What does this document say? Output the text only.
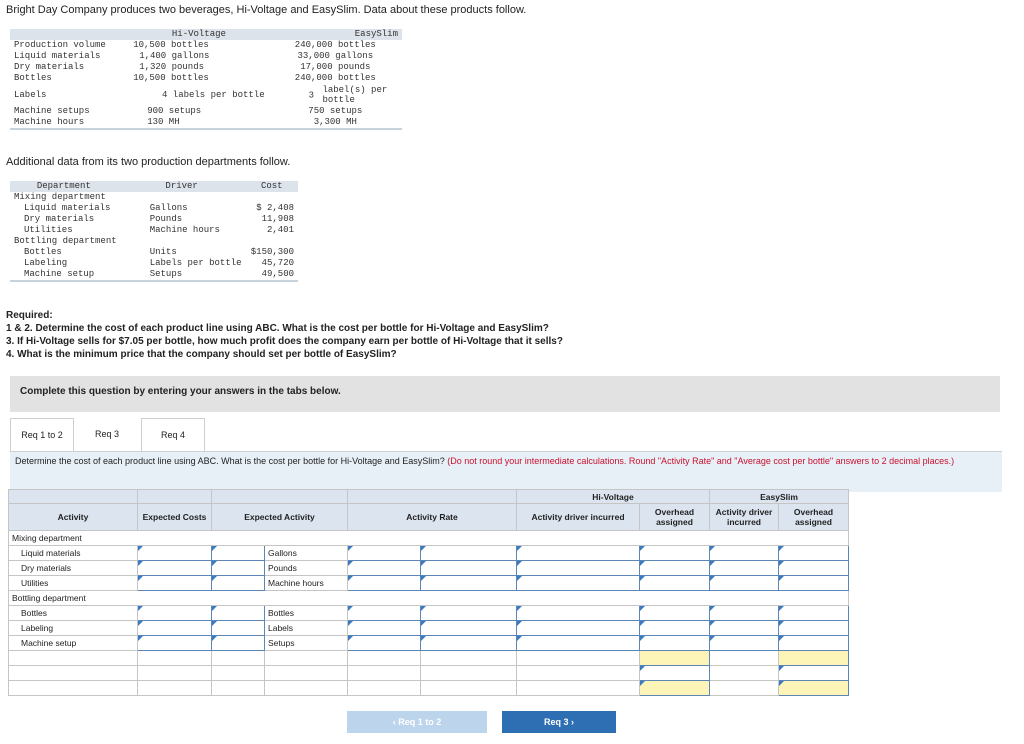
Bright Day Company produces two beverages, Hi-Voltage and EasySlim. Data about these products follow.
	Hi-Voltage	EasySlim
Production volume	10,500 bottles	240,000 bottles
Liquid materials	1,400 gallons	33,000 gallons
Dry materials	1,320 pounds	17,000 pounds
Bottles	10,500 bottles	240,000 bottles
Labels	4 labels per bottle	3
label(s) per
bottle

Machine setups	900 setups	750 setups
Machine hours	130 MH	3,300 MH
Additional data from its two production departments follow.
Department	Driver	Cost
Mixing department		
Liquid materials	Gallons	$ 2,408
Dry materials	Pounds	11,908
Utilities	Machine hours	2,401
Bottling department		
Bottles	Units	$150,300
Labeling	Labels per bottle	45,720
Machine setup	Setups	49,500
Required:
1 & 2. Determine the cost of each product line using ABC. What is the cost per bottle for Hi-Voltage and EasySlim?
3. If Hi-Voltage sells for $7.05 per bottle, how much profit does the company earn per bottle of Hi-Voltage that it sells?
4. What is the minimum price that the company should set per bottle of EasySlim?
Complete this question by entering your answers in the tabs below.
Req 1 to 2	Req 3	Req 4
Determine the cost of each product line using ABC. What is the cost per bottle for Hi-Voltage and EasySlim? (Do not round your intermediate calculations. Round "Activity Rate" and "Average cost per bottle" answers to 2 decimal places.)
						Hi-Voltage		EasySlim	
Activity	Expected Costs	Expected Activity		Activity Rate		Activity driver incurred	Overhead assigned	Activity driver incurred	Overhead assigned
Mixing department									
Liquid materials			Gallons						
Dry materials			Pounds						
Utilities			Machine hours						
Bottling department									
Bottles			Bottles						
Labeling			Labels						
Machine setup			Setups						

‹ Req 1 to 2	Req 3 ›
